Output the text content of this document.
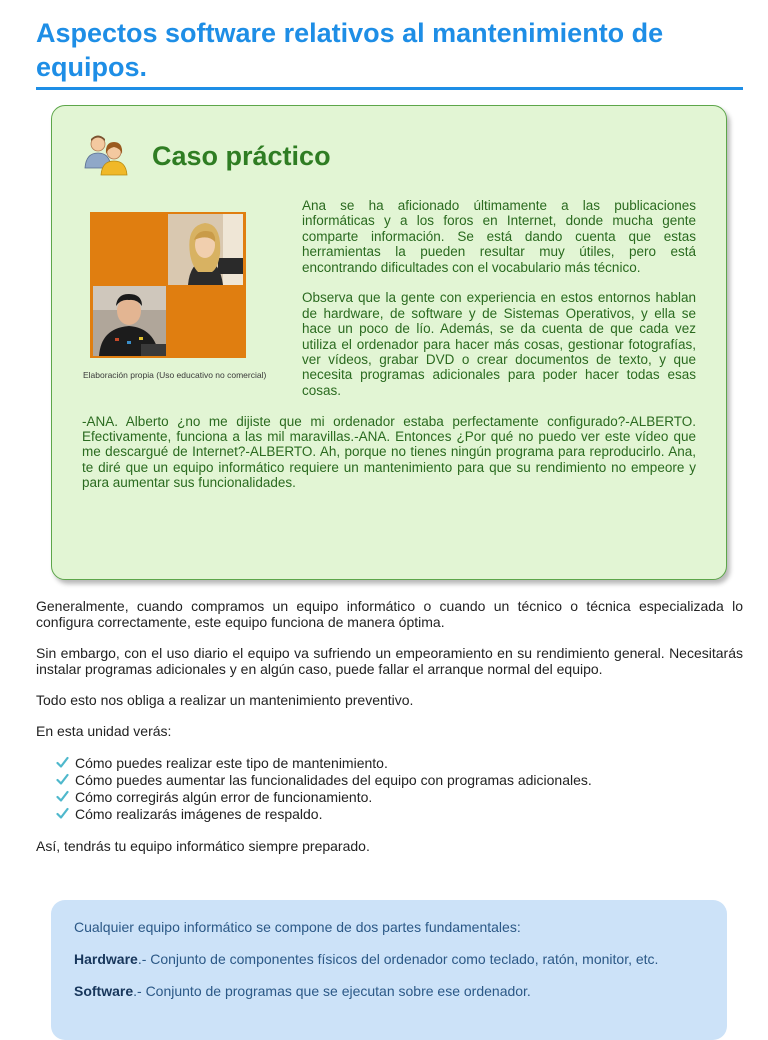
Aspectos software relativos al mantenimiento de equipos.
Caso práctico

Ana se ha aficionado últimamente a las publicaciones informáticas y a los foros en Internet, donde mucha gente comparte información. Se está dando cuenta que estas herramientas la pueden resultar muy útiles, pero está encontrando dificultades con el vocabulario más técnico.

Observa que la gente con experiencia en estos entornos hablan de hardware, de software y de Sistemas Operativos, y ella se hace un poco de lío. Además, se da cuenta de que cada vez utiliza el ordenador para hacer más cosas, gestionar fotografías, ver vídeos, grabar DVD o crear documentos de texto, y que necesita programas adicionales para poder hacer todas esas cosas.

-ANA. Alberto ¿no me dijiste que mi ordenador estaba perfectamente configurado?-ALBERTO. Efectivamente, funciona a las mil maravillas.-ANA. Entonces ¿Por qué no puedo ver este vídeo que me descargué de Internet?-ALBERTO. Ah, porque no tienes ningún programa para reproducirlo. Ana, te diré que un equipo informático requiere un mantenimiento para que su rendimiento no empeore y para aumentar sus funcionalidades.

Elaboración propia (Uso educativo no comercial)

Generalmente, cuando compramos un equipo informático o cuando un técnico o técnica especializada lo configura correctamente, este equipo funciona de manera óptima.

Sin embargo, con el uso diario el equipo va sufriendo un empeoramiento en su rendimiento general. Necesitarás instalar programas adicionales y en algún caso, puede fallar el arranque normal del equipo.

Todo esto nos obliga a realizar un mantenimiento preventivo.

En esta unidad verás:

Cómo puedes realizar este tipo de mantenimiento.
Cómo puedes aumentar las funcionalidades del equipo con programas adicionales.
Cómo corregirás algún error de funcionamiento.
Cómo realizarás imágenes de respaldo.

Así, tendrás tu equipo informático siempre preparado.

Cualquier equipo informático se compone de dos partes fundamentales:

Hardware.- Conjunto de componentes físicos del ordenador como teclado, ratón, monitor, etc.

Software.- Conjunto de programas que se ejecutan sobre ese ordenador.
